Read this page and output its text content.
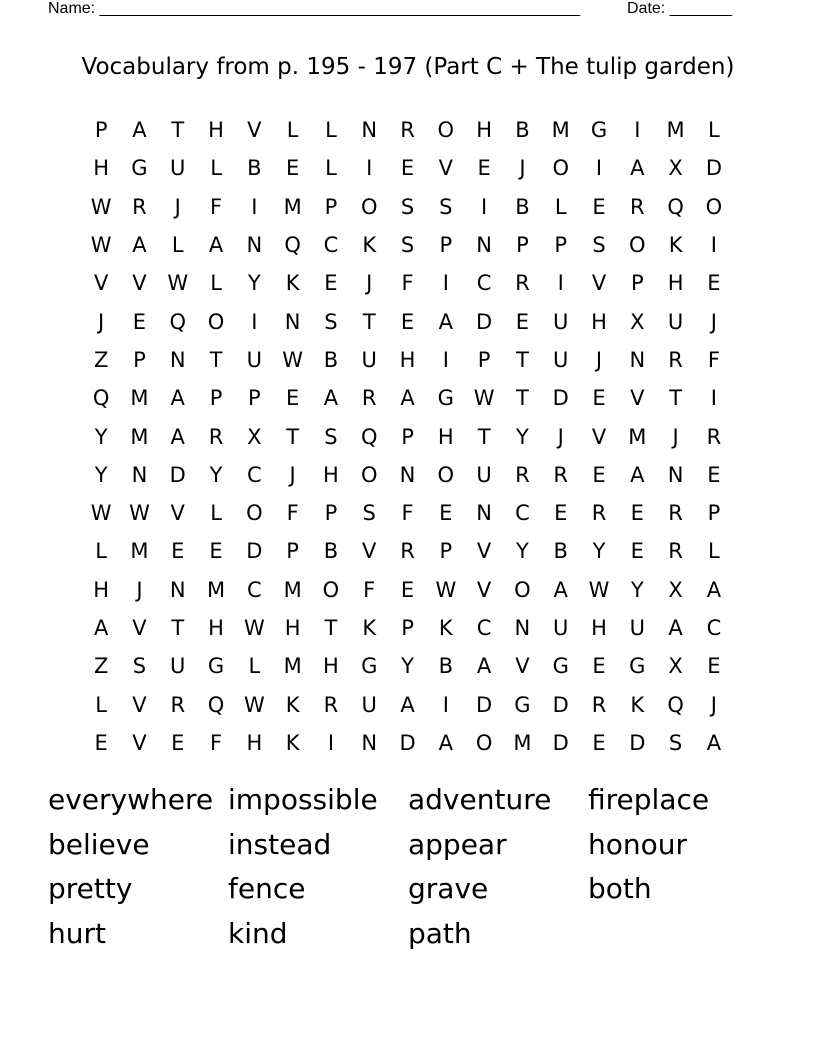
Name: ______________________________________________________	Date: _______
Vocabulary from p. 195 - 197 (Part C + The tulip garden)
P	A	T	H	V	L	L	N	R	O	H	B	M	G	I	M	L
H	G	U	L	B	E	L	I	E	V	E	J	O	I	A	X	D
W R	J	F	I	M	P	O	S	S	I	B	L	E	R	Q	O
W A	L	A	N	Q	C	K	S	P	N	P	P	S	O	K	I
V	V W	L	Y	K	E	J	F	I	C	R	I	V	P	H	E
J	E	Q	O	I	N	S	T	E	A	D	E	U	H	X	U	J
Z	P	N	T	U W B	U	H	I	P	T	U	J	N	R	F
Q M	A	P	P	E	A	R	A	G W	T	D	E	V	T	I
Y	M	A	R	X	T	S	Q	P	H	T	Y	J	V	M	J	R
Y	N	D	Y	C	J	H	O	N	O	U	R	R	E	A	N	E
W W V	L	O	F	P	S	F	E	N	C	E	R	E	R	P
L	M	E	E	D	P	B	V	R	P	V	Y	B	Y	E	R	L
H	J	N	M	C	M O	F	E	W V	O	A W	Y	X	A
A	V	T	H W H	T	K	P	K	C	N	U	H	U	A	C
Z	S	U	G	L	M	H	G	Y	B	A	V	G	E	G	X	E
L	V	R	Q W	K	R	U	A	I	D	G	D	R	K	Q	J
E	V	E	F	H	K	I	N	D	A	O M	D	E	D	S	A
everywhere impossible	adventure	fireplace
believe	instead	appear	honour
pretty	fence	grave	both
hurt	kind	path
